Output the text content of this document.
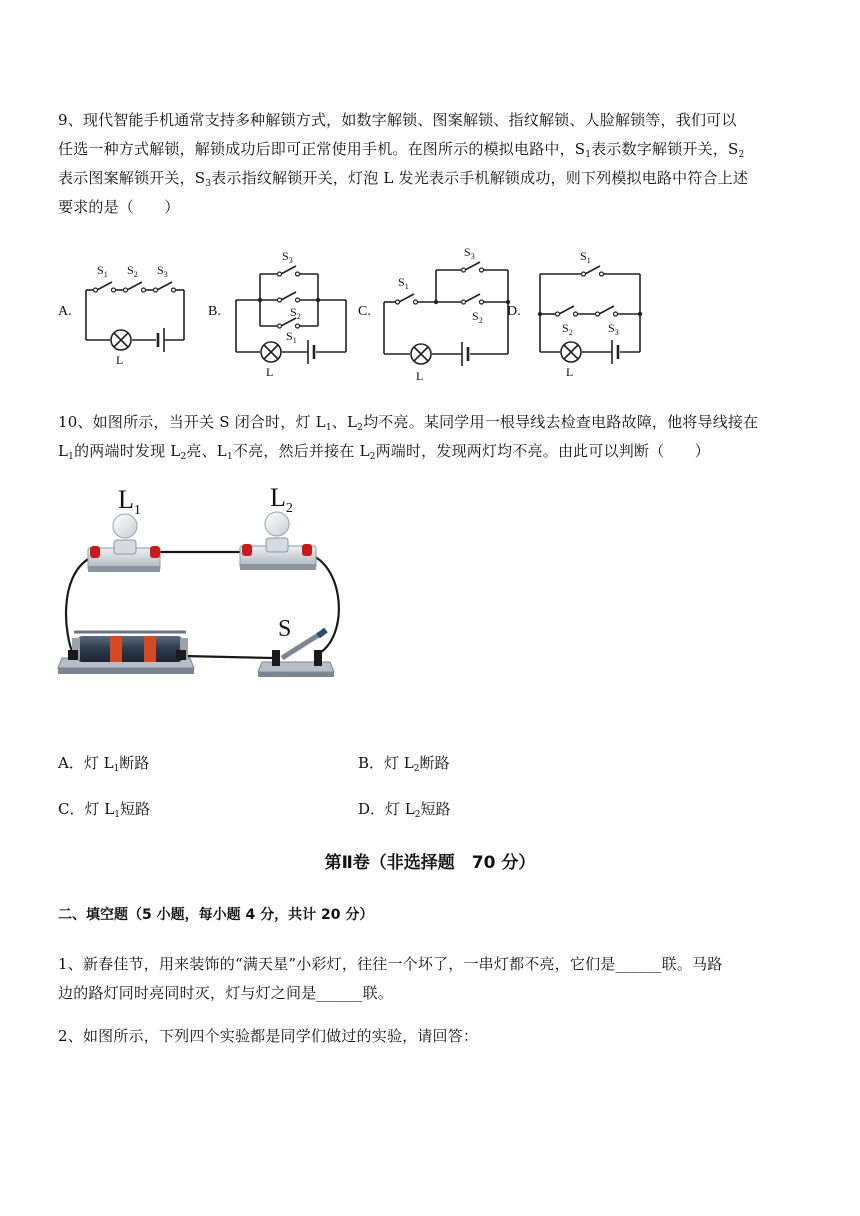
9、现代智能手机通常支持多种解锁方式，如数字解锁、图案解锁、指纹解锁、人脸解锁等，我们可以

任选一种方式解锁，解锁成功后即可正常使用手机。在图所示的模拟电路中，$S_1$表示数字解锁开关，$S_2$

表示图案解锁开关，$S_3$表示指纹解锁开关，灯泡 L 发光表示手机解锁成功，则下列模拟电路中符合上述

要求的是（　　）

A.	B.	C.	D.
$S_1$ $S_2$ $S_3$
L
$S_3$
$S_2$
$S_1$
L
$S_1$
$S_3$
$S_2$
L
$S_1$
$S_2$	$S_3$
L

10、如图所示，当开关 S 闭合时，灯 $L_1$、$L_2$均不亮。某同学用一根导线去检查电路故障，他将导线接在

$L_1$的两端时发现 $L_2$亮、$L_1$不亮，然后并接在 $L_2$两端时，发现两灯均不亮。由此可以判断（　　）

$L_1$	$L_2$
S
A．灯 $L_1$断路	B．灯 $L_2$断路
C．灯 $L_1$短路	D．灯 $L_2$短路
第Ⅱ卷（非选择题　70 分）
二、填空题（5 小题，每小题 4 分，共计 20 分）

1、新春佳节，用来装饰的“满天星”小彩灯，往往一个坏了，一串灯都不亮，它们是______联。马路

边的路灯同时亮同时灭，灯与灯之间是______联。

2、如图所示，下列四个实验都是同学们做过的实验，请回答：
